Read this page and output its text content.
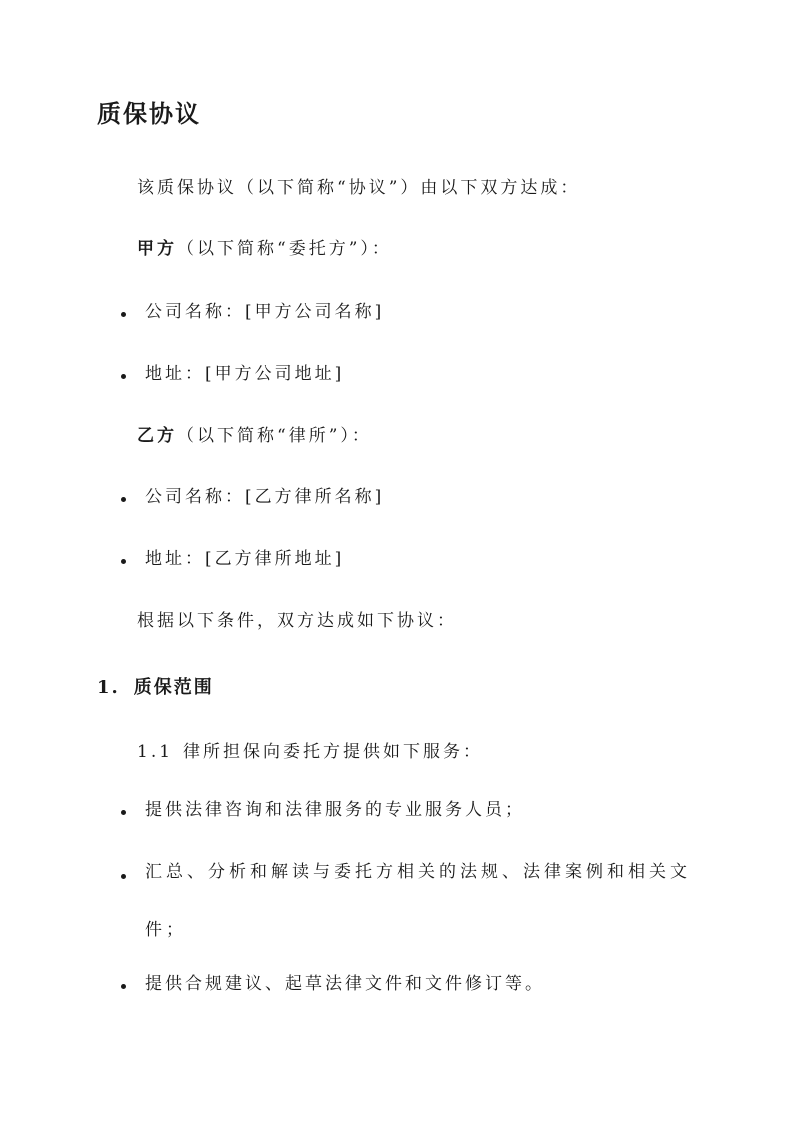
质保协议

该质保协议（以下简称“协议”）由以下双方达成：

甲方（以下简称“委托方”）：

公司名称：[甲方公司名称]

地址：[甲方公司地址]

乙方（以下简称“律所”）：

公司名称：[乙方律所名称]

地址：[乙方律所地址]

根据以下条件，双方达成如下协议：

1. 质保范围

1.1 律所担保向委托方提供如下服务：

提供法律咨询和法律服务的专业服务人员；

汇总、分析和解读与委托方相关的法规、法律案例和相关文件；

提供合规建议、起草法律文件和文件修订等。
